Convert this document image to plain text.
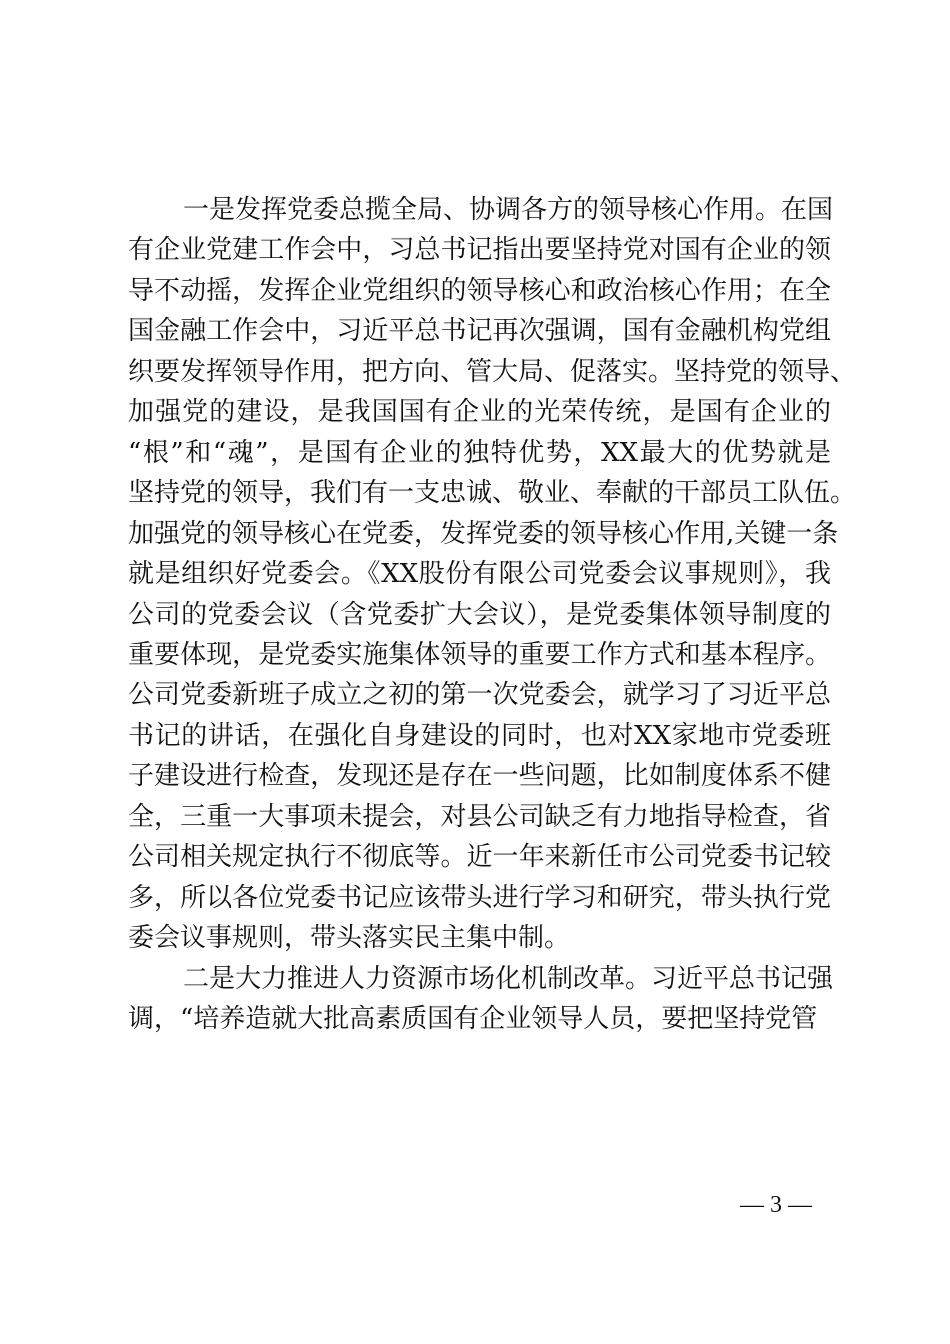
一是发挥党委总揽全局、协调各方的领导核心作用。在国
有企业党建工作会中，习总书记指出要坚持党对国有企业的领
导不动摇，发挥企业党组织的领导核心和政治核心作用；在全
国金融工作会中，习近平总书记再次强调，国有金融机构党组
织要发挥领导作用，把方向、管大局、促落实。坚持党的领导、
加强党的建设，是我国国有企业的光荣传统，是国有企业的
“根”和“魂”，是国有企业的独特优势，XX最大的优势就是
坚持党的领导，我们有一支忠诚、敬业、奉献的干部员工队伍。
加强党的领导核心在党委，发挥党委的领导核心作用,关键一条
就是组织好党委会。《XX股份有限公司党委会议事规则》，我
公司的党委会议（含党委扩大会议），是党委集体领导制度的
重要体现，是党委实施集体领导的重要工作方式和基本程序。
公司党委新班子成立之初的第一次党委会，就学习了习近平总
书记的讲话，在强化自身建设的同时，也对XX家地市党委班
子建设进行检查，发现还是存在一些问题，比如制度体系不健
全，三重一大事项未提会，对县公司缺乏有力地指导检查，省
公司相关规定执行不彻底等。近一年来新任市公司党委书记较
多，所以各位党委书记应该带头进行学习和研究，带头执行党
委会议事规则，带头落实民主集中制。
二是大力推进人力资源市场化机制改革。习近平总书记强
调，“培养造就大批高素质国有企业领导人员，要把坚持党管
— 3 —
